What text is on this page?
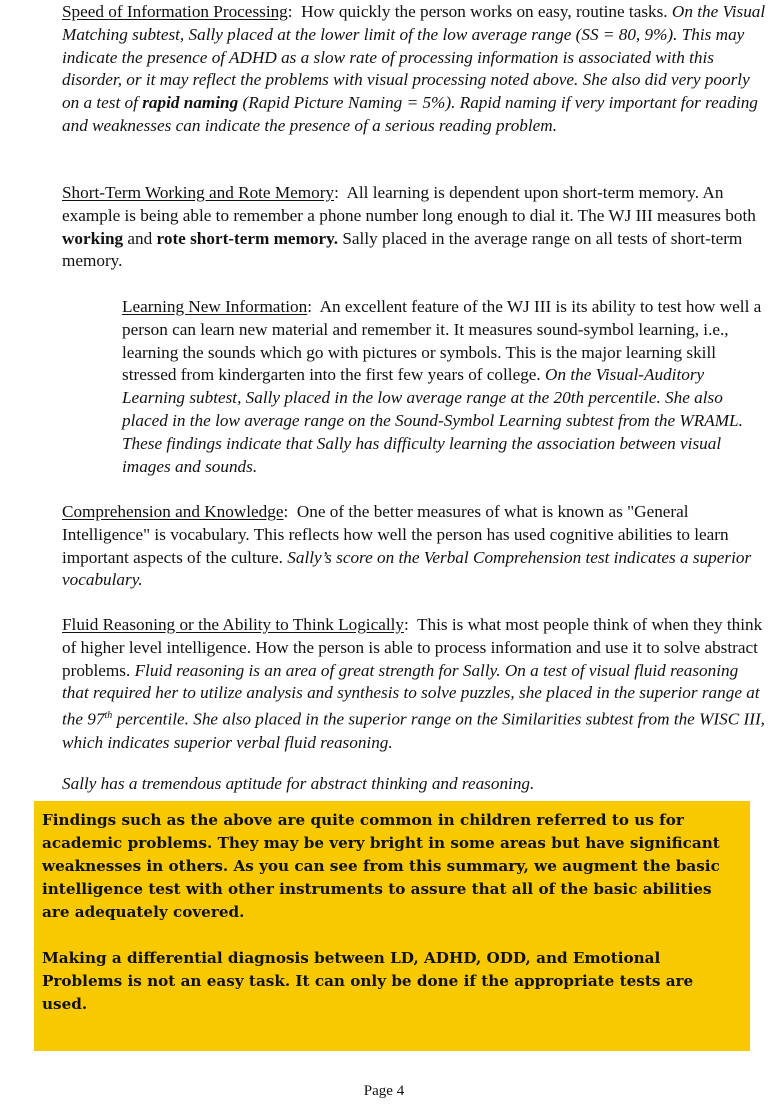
Speed of Information Processing:  How quickly the person works on easy, routine tasks. On the Visual Matching subtest, Sally placed at the lower limit of the low average range (SS = 80, 9%). This may indicate the presence of ADHD as a slow rate of processing information is associated with this disorder, or it may reflect the problems with visual processing noted above. She also did very poorly on a test of rapid naming (Rapid Picture Naming = 5%). Rapid naming if very important for reading and weaknesses can indicate the presence of a serious reading problem.

Short-Term Working and Rote Memory:  All learning is dependent upon short-term memory. An example is being able to remember a phone number long enough to dial it. The WJ III measures both working and rote short-term memory. Sally placed in the average range on all tests of short-term memory.

Learning New Information:  An excellent feature of the WJ III is its ability to test how well a person can learn new material and remember it. It measures sound-symbol learning, i.e., learning the sounds which go with pictures or symbols. This is the major learning skill stressed from kindergarten into the first few years of college. On the Visual-Auditory Learning subtest, Sally placed in the low average range at the 20th percentile. She also placed in the low average range on the Sound-Symbol Learning subtest from the WRAML. These findings indicate that Sally has difficulty learning the association between visual images and sounds.

Comprehension and Knowledge:  One of the better measures of what is known as "General Intelligence" is vocabulary. This reflects how well the person has used cognitive abilities to learn important aspects of the culture. Sally’s score on the Verbal Comprehension test indicates a superior vocabulary.

Fluid Reasoning or the Ability to Think Logically:  This is what most people think of when they think of higher level intelligence. How the person is able to process information and use it to solve abstract problems. Fluid reasoning is an area of great strength for Sally. On a test of visual fluid reasoning that required her to utilize analysis and synthesis to solve puzzles, she placed in the superior range at the 97th percentile. She also placed in the superior range on the Similarities subtest from the WISC III, which indicates superior verbal fluid reasoning.

Sally has a tremendous aptitude for abstract thinking and reasoning.

Findings such as the above are quite common in children referred to us for academic problems. They may be very bright in some areas but have significant weaknesses in others. As you can see from this summary, we augment the basic intelligence test with other instruments to assure that all of the basic abilities are adequately covered.

Making a differential diagnosis between LD, ADHD, ODD, and Emotional Problems is not an easy task. It can only be done if the appropriate tests are used.

Page 4
